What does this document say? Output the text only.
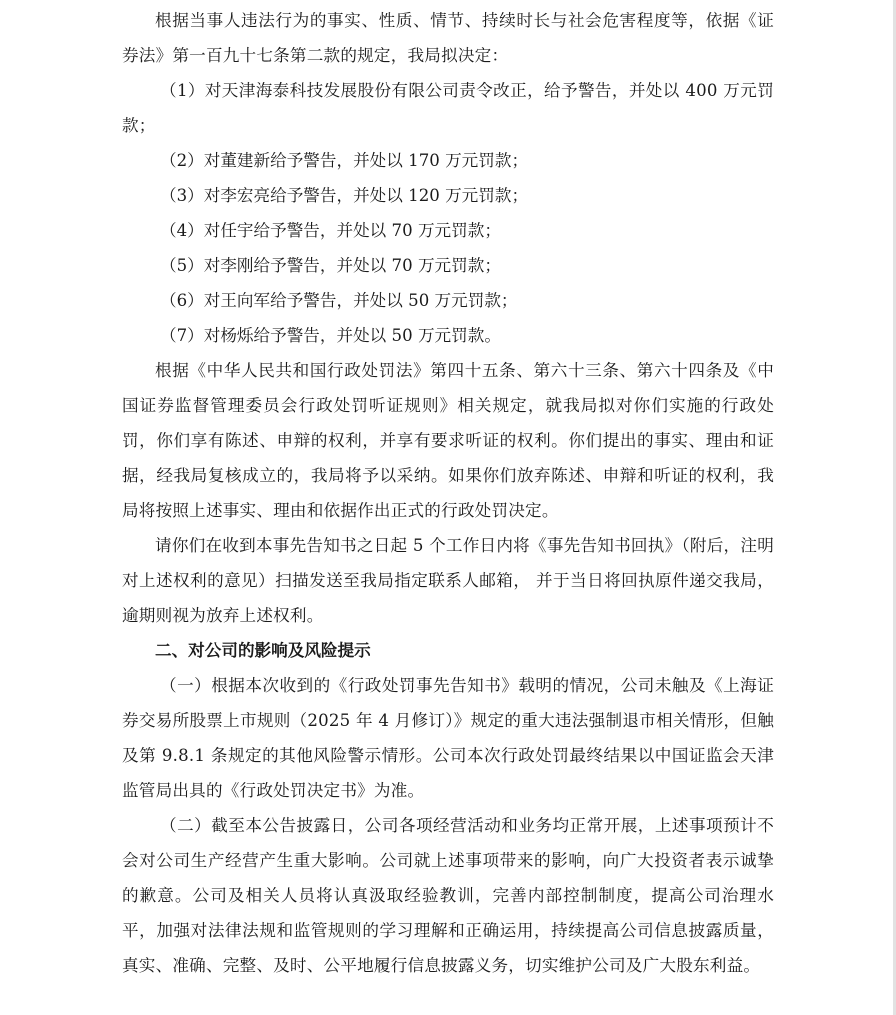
根据当事人违法行为的事实、性质、情节、持续时长与社会危害程度等，依据《证券法》第一百九十七条第二款的规定，我局拟决定：

（1）对天津海泰科技发展股份有限公司责令改正，给予警告，并处以 400 万元罚款；

（2）对董建新给予警告，并处以 170 万元罚款；

（3）对李宏亮给予警告，并处以 120 万元罚款；

（4）对任宇给予警告，并处以 70 万元罚款；

（5）对李刚给予警告，并处以 70 万元罚款；

（6）对王向军给予警告，并处以 50 万元罚款；

（7）对杨烁给予警告，并处以 50 万元罚款。

根据《中华人民共和国行政处罚法》第四十五条、第六十三条、第六十四条及《中国证券监督管理委员会行政处罚听证规则》相关规定，就我局拟对你们实施的行政处罚，你们享有陈述、申辩的权利，并享有要求听证的权利。你们提出的事实、理由和证据，经我局复核成立的，我局将予以采纳。如果你们放弃陈述、申辩和听证的权利，我局将按照上述事实、理由和依据作出正式的行政处罚决定。

请你们在收到本事先告知书之日起 5 个工作日内将《事先告知书回执》（附后，注明对上述权利的意见）扫描发送至我局指定联系人邮箱， 并于当日将回执原件递交我局，逾期则视为放弃上述权利。

二、对公司的影响及风险提示

（一）根据本次收到的《行政处罚事先告知书》载明的情况，公司未触及《上海证券交易所股票上市规则（2025 年 4 月修订）》规定的重大违法强制退市相关情形，但触及第 9.8.1 条规定的其他风险警示情形。公司本次行政处罚最终结果以中国证监会天津监管局出具的《行政处罚决定书》为准。

（二）截至本公告披露日，公司各项经营活动和业务均正常开展，上述事项预计不会对公司生产经营产生重大影响。公司就上述事项带来的影响，向广大投资者表示诚挚的歉意。公司及相关人员将认真汲取经验教训，完善内部控制制度，提高公司治理水平，加强对法律法规和监管规则的学习理解和正确运用，持续提高公司信息披露质量，真实、准确、完整、及时、公平地履行信息披露义务，切实维护公司及广大股东利益。
